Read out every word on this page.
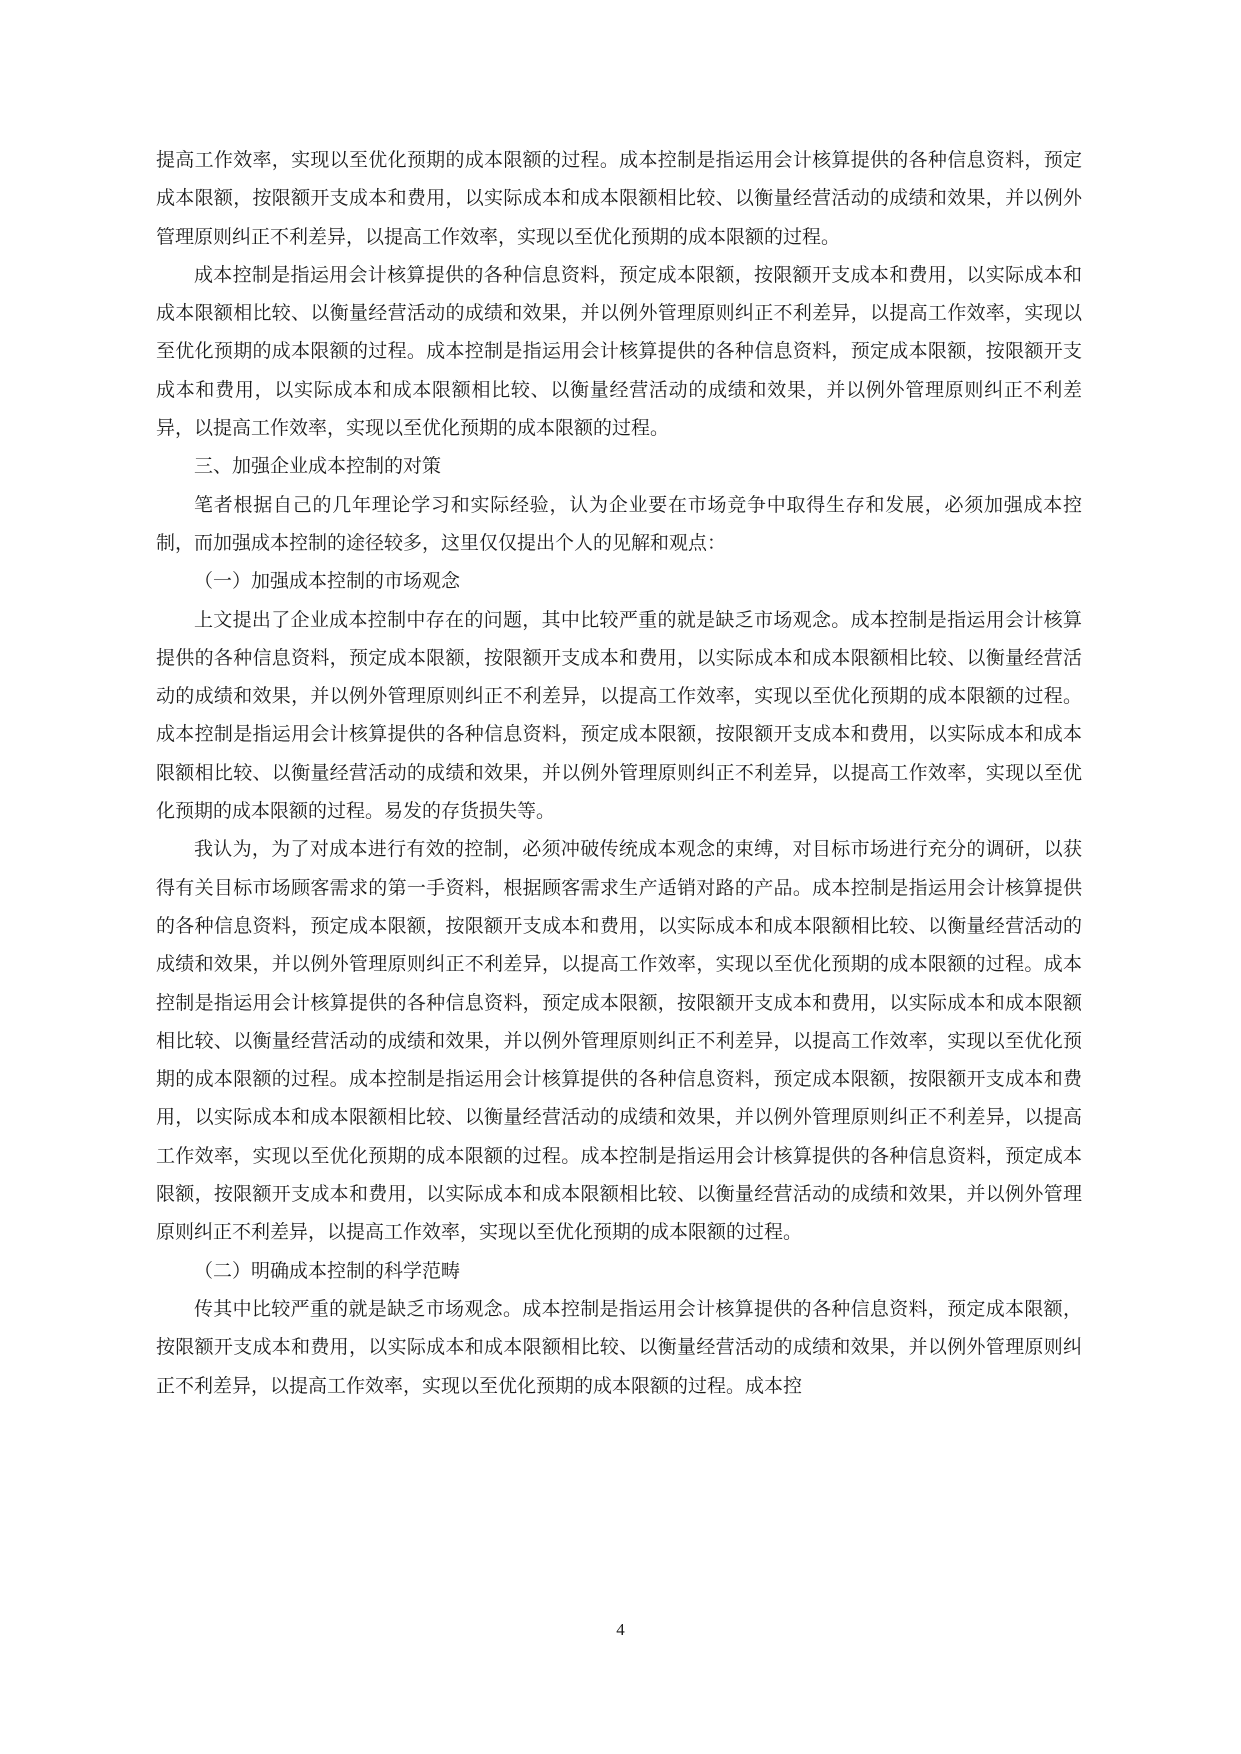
提高工作效率，实现以至优化预期的成本限额的过程。成本控制是指运用会计核算提供的各种信息资料，预定成本限额，按限额开支成本和费用，以实际成本和成本限额相比较、以衡量经营活动的成绩和效果，并以例外管理原则纠正不利差异，以提高工作效率，实现以至优化预期的成本限额的过程。

成本控制是指运用会计核算提供的各种信息资料，预定成本限额，按限额开支成本和费用，以实际成本和成本限额相比较、以衡量经营活动的成绩和效果，并以例外管理原则纠正不利差异，以提高工作效率，实现以至优化预期的成本限额的过程。成本控制是指运用会计核算提供的各种信息资料，预定成本限额，按限额开支成本和费用，以实际成本和成本限额相比较、以衡量经营活动的成绩和效果，并以例外管理原则纠正不利差异，以提高工作效率，实现以至优化预期的成本限额的过程。

三、加强企业成本控制的对策

笔者根据自己的几年理论学习和实际经验，认为企业要在市场竞争中取得生存和发展，必须加强成本控制，而加强成本控制的途径较多，这里仅仅提出个人的见解和观点：

（一）加强成本控制的市场观念

上文提出了企业成本控制中存在的问题，其中比较严重的就是缺乏市场观念。成本控制是指运用会计核算提供的各种信息资料，预定成本限额，按限额开支成本和费用，以实际成本和成本限额相比较、以衡量经营活动的成绩和效果，并以例外管理原则纠正不利差异，以提高工作效率，实现以至优化预期的成本限额的过程。成本控制是指运用会计核算提供的各种信息资料，预定成本限额，按限额开支成本和费用，以实际成本和成本限额相比较、以衡量经营活动的成绩和效果，并以例外管理原则纠正不利差异，以提高工作效率，实现以至优化预期的成本限额的过程。易发的存货损失等。

我认为，为了对成本进行有效的控制，必须冲破传统成本观念的束缚，对目标市场进行充分的调研，以获得有关目标市场顾客需求的第一手资料，根据顾客需求生产适销对路的产品。成本控制是指运用会计核算提供的各种信息资料，预定成本限额，按限额开支成本和费用，以实际成本和成本限额相比较、以衡量经营活动的成绩和效果，并以例外管理原则纠正不利差异，以提高工作效率，实现以至优化预期的成本限额的过程。成本控制是指运用会计核算提供的各种信息资料，预定成本限额，按限额开支成本和费用，以实际成本和成本限额相比较、以衡量经营活动的成绩和效果，并以例外管理原则纠正不利差异，以提高工作效率，实现以至优化预期的成本限额的过程。成本控制是指运用会计核算提供的各种信息资料，预定成本限额，按限额开支成本和费用，以实际成本和成本限额相比较、以衡量经营活动的成绩和效果，并以例外管理原则纠正不利差异，以提高工作效率，实现以至优化预期的成本限额的过程。成本控制是指运用会计核算提供的各种信息资料，预定成本限额，按限额开支成本和费用，以实际成本和成本限额相比较、以衡量经营活动的成绩和效果，并以例外管理原则纠正不利差异，以提高工作效率，实现以至优化预期的成本限额的过程。

（二）明确成本控制的科学范畴

传其中比较严重的就是缺乏市场观念。成本控制是指运用会计核算提供的各种信息资料，预定成本限额，按限额开支成本和费用，以实际成本和成本限额相比较、以衡量经营活动的成绩和效果，并以例外管理原则纠正不利差异，以提高工作效率，实现以至优化预期的成本限额的过程。成本控

4
